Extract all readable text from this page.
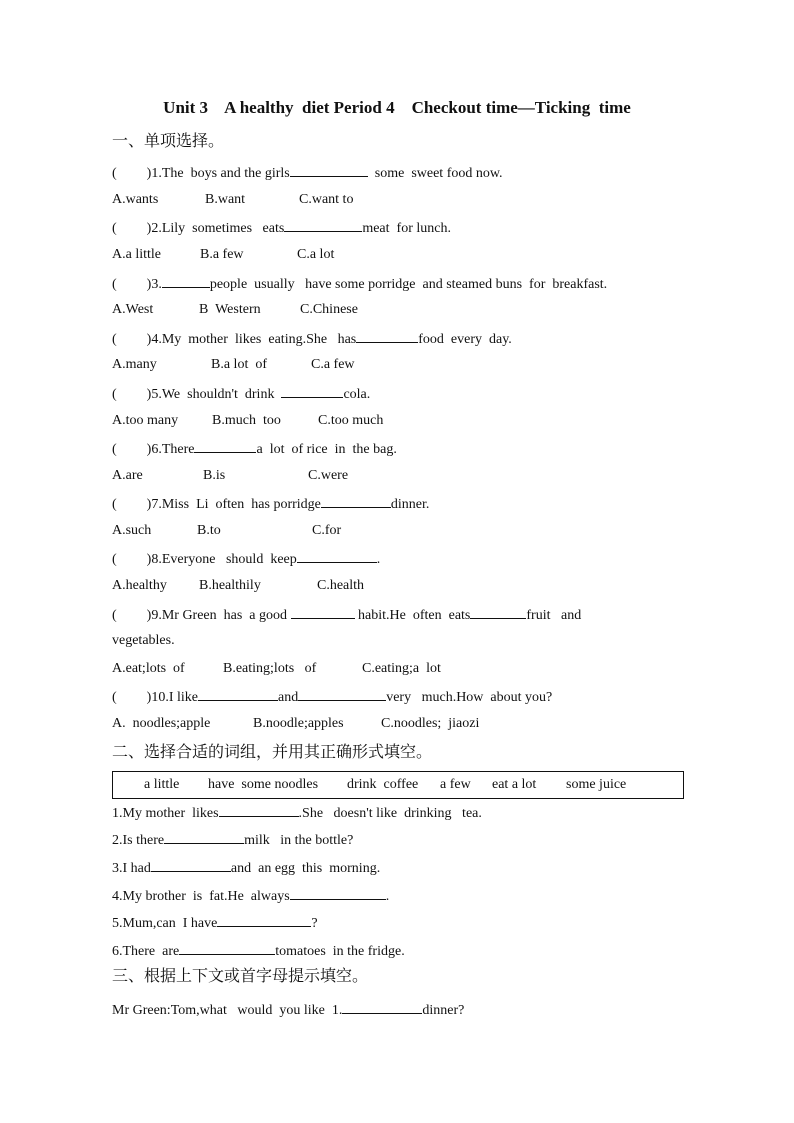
Unit 3    A healthy  diet Period 4    Checkout time—Ticking  time
一、单项选择。
( )1.The  boys and the girls	some  sweet food now.
A.wants	B.want	C.want to
( )2.Lily  sometimes   eats	meat  for lunch.
A.a little	B.a few	C.a lot
( )3.	people  usually   have some porridge  and steamed buns  for  breakfast.
A.West	B  Western	C.Chinese
( )4.My  mother  likes  eating.She   has	food  every  day.
A.many	B.a lot  of	C.a few
( )5.We  shouldn't  drink	cola.
A.too many B.much  too	C.too much
( )6.There	a  lot  of rice  in  the bag.
A.are	B.is	C.were
( )7.Miss  Li  often  has porridge	dinner.
A.such	B.to	C.for
( )8.Everyone   should  keep	.
A.healthy B.healthily	C.health
( )9.Mr Green  has  a good	habit.He  often  eats	fruit   and
vegetables.
A.eat;lots  of	B.eating;lots   of	C.eating;a  lot
( )10.I like	and	very   much.How  about you?
A.  noodles;apple	B.noodle;apples	C.noodles;  jiaozi
二、选择合适的词组，并用其正确形式填空。
a little have  some noodles drink  coffee a few eat a lot some juice
1.My mother  likes	.She   doesn't like  drinking   tea.
2.Is there	milk   in the bottle?
3.I had	and  an egg  this  morning.
4.My brother  is  fat.He  always	.
5.Mum,can  I have	?
6.There  are	tomatoes  in the fridge.
三、根据上下文或首字母提示填空。
Mr Green:Tom,what   would  you like  1.	dinner?
